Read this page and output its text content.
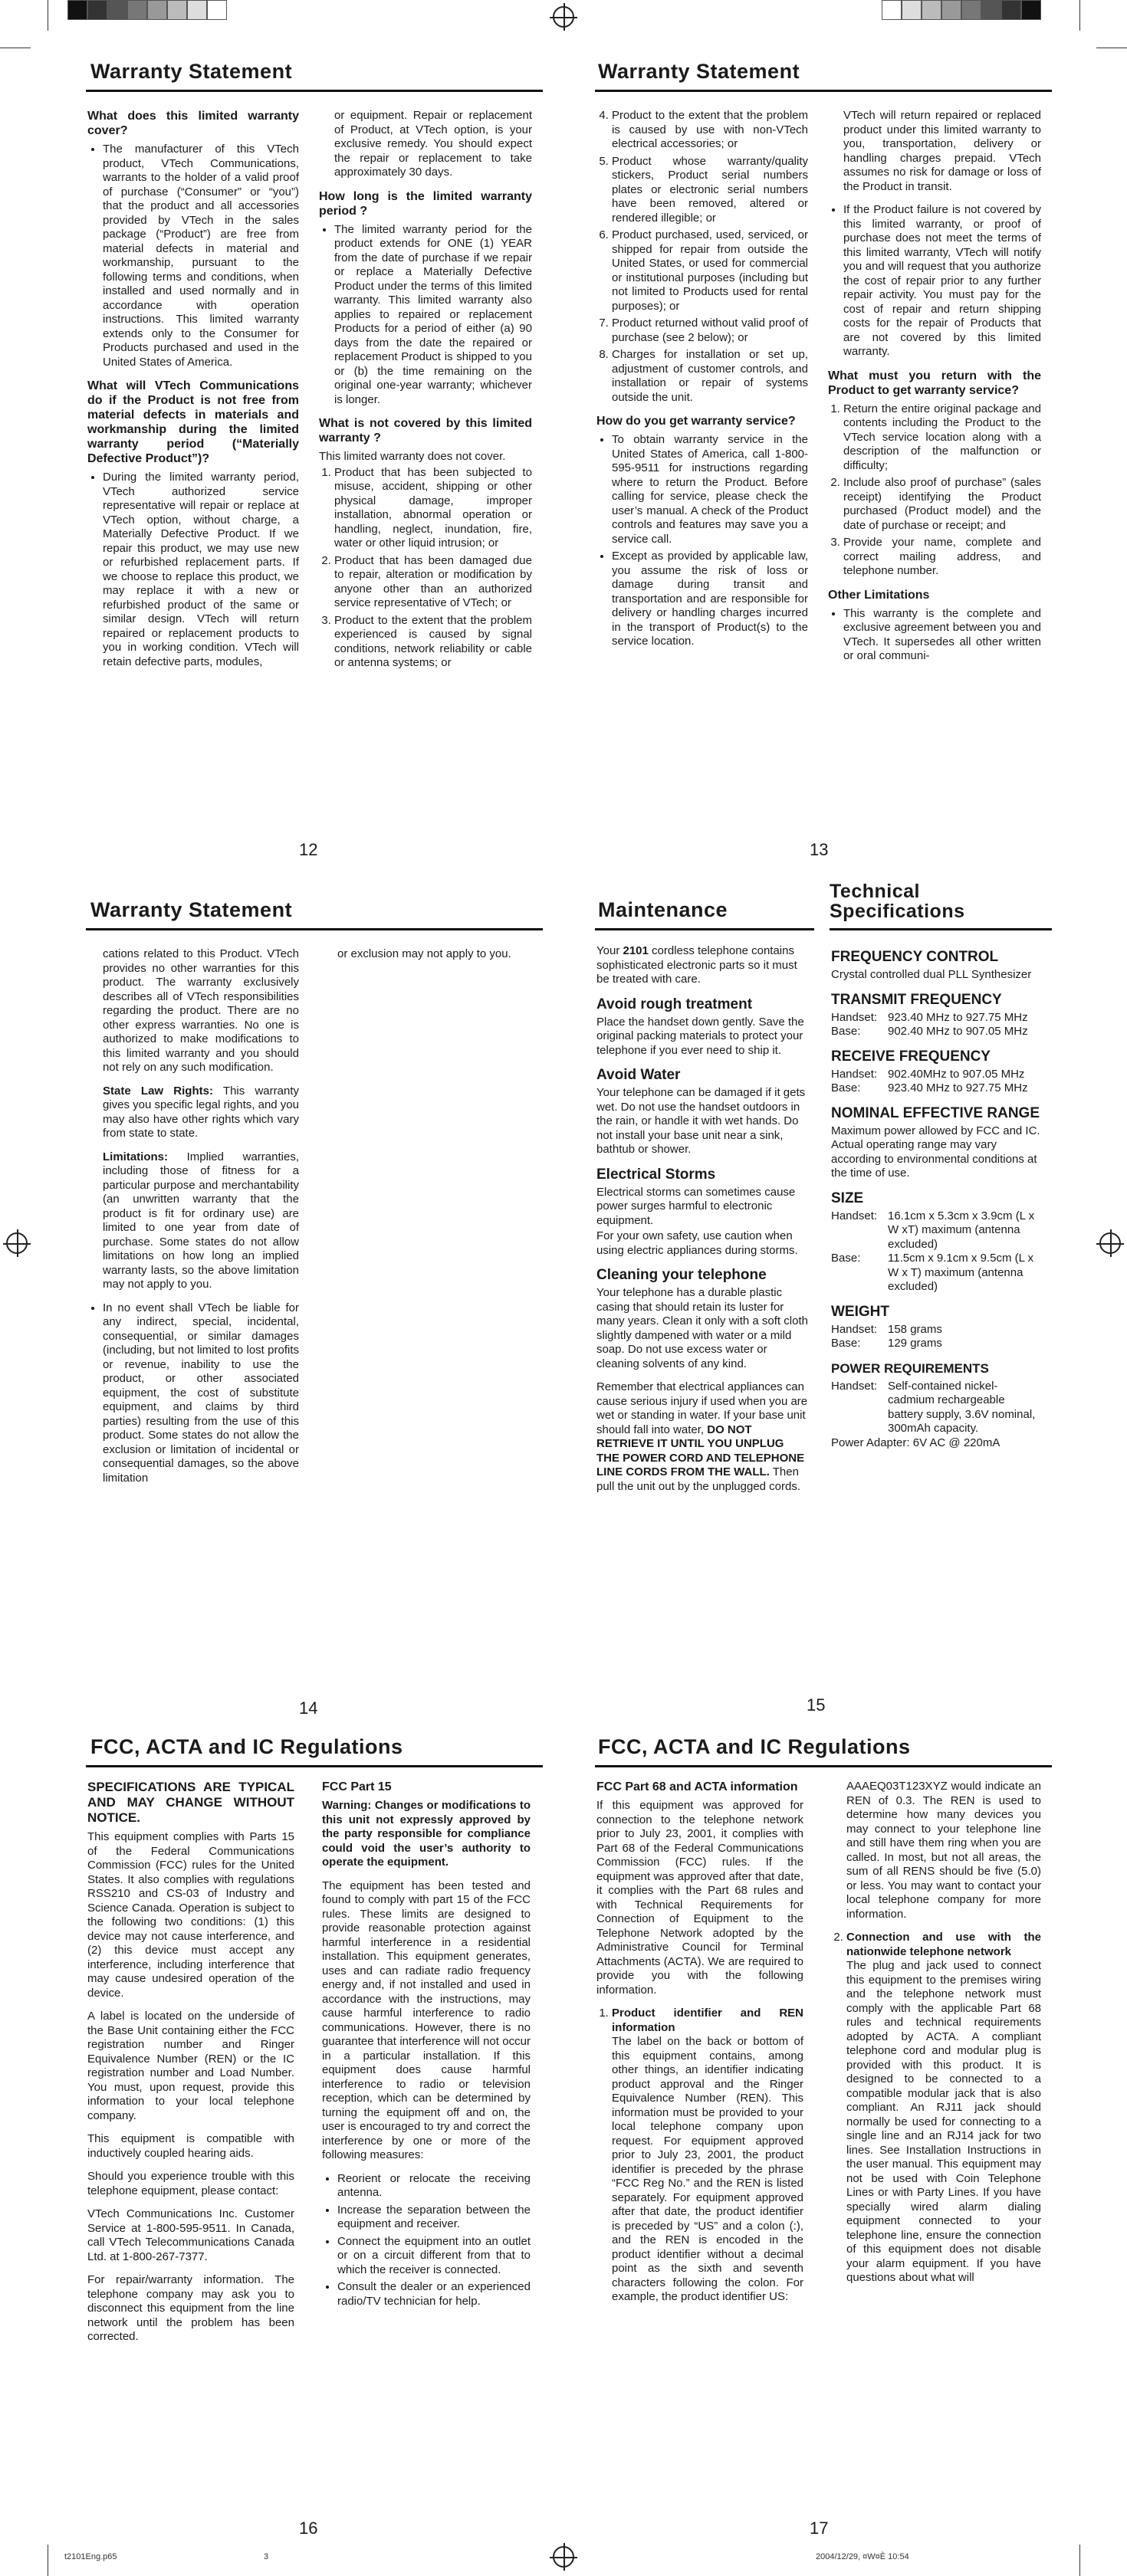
Warranty Statement
What does this limited warranty cover?
• The manufacturer of this VTech product, VTech Communications, warrants to the holder of a valid proof of purchase (“Consumer” or “you”) that the product and all accessories provided by VTech in the sales package (“Product”) are free from material defects in material and workmanship, pursuant to the following terms and conditions, when installed and used normally and in accordance with operation instructions. This limited warranty extends only to the Consumer for Products purchased and used in the United States of America.
What will VTech Communications do if the Product is not free from material defects in materials and workmanship during the limited warranty period (“Materially Defective Product”)?
• During the limited warranty period, VTech authorized service representative will repair or replace at VTech option, without charge, a Materially Defective Product. If we repair this product, we may use new or refurbished replacement parts. If we choose to replace this product, we may replace it with a new or refurbished product of the same or similar design. VTech will return repaired or replacement products to you in working condition. VTech will retain defective parts, modules,

or equipment. Repair or replacement of Product, at VTech option, is your exclusive remedy. You should expect the repair or replacement to take approximately 30 days.

How long is the limited warranty period ?
• The limited warranty period for the product extends for ONE (1) YEAR from the date of purchase if we repair or replace a Materially Defective Product under the terms of this limited warranty. This limited warranty also applies to repaired or replacement Products for a period of either (a) 90 days from the date the repaired or replacement Product is shipped to you or (b) the time remaining on the original one-year warranty; whichever is longer.
What is not covered by this limited warranty ?

This limited warranty does not cover.

1. Product that has been subjected to misuse, accident, shipping or other physical damage, improper installation, abnormal operation or handling, neglect, inundation, fire, water or other liquid intrusion; or
2. Product that has been damaged due to repair, alteration or modification by anyone other than an authorized service representative of VTech; or
3. Product to the extent that the problem experienced is caused by signal conditions, network reliability or cable or antenna systems; or
12
Warranty Statement
4. Product to the extent that the problem is caused by use with non-VTech electrical accessories; or
5. Product whose warranty/quality stickers, Product serial numbers plates or electronic serial numbers have been removed, altered or rendered illegible; or
6. Product purchased, used, serviced, or shipped for repair from outside the United States, or used for commercial or institutional purposes (including but not limited to Products used for rental purposes); or
7. Product returned without valid proof of purchase (see 2 below); or
8. Charges for installation or set up, adjustment of customer controls, and installation or repair of systems outside the unit.
How do you get warranty service?
• To obtain warranty service in the United States of America, call 1-800-595-9511 for instructions regarding where to return the Product. Before calling for service, please check the user’s manual. A check of the Product controls and features may save you a service call.
• Except as provided by applicable law, you assume the risk of loss or damage during transit and transportation and are responsible for delivery or handling charges incurred in the transport of Product(s) to the service location.

VTech will return repaired or replaced product under this limited warranty to you, transportation, delivery or handling charges prepaid. VTech assumes no risk for damage or loss of the Product in transit.

• If the Product failure is not covered by this limited warranty, or proof of purchase does not meet the terms of this limited warranty, VTech will notify you and will request that you authorize the cost of repair prior to any further repair activity. You must pay for the cost of repair and return shipping costs for the repair of Products that are not covered by this limited warranty.
What must you return with the Product to get warranty service?
1. Return the entire original package and contents including the Product to the VTech service location along with a description of the malfunction or difficulty;
2. Include also proof of purchase” (sales receipt) identifying the Product purchased (Product model) and the date of purchase or receipt; and
3. Provide your name, complete and correct mailing address, and telephone number.
Other Limitations
• This warranty is the complete and exclusive agreement between you and VTech. It supersedes all other written or oral communi-
13
Warranty Statement

cations related to this Product. VTech provides no other warranties for this product. The warranty exclusively describes all of VTech responsibilities regarding the product. There are no other express warranties. No one is authorized to make modifications to this limited warranty and you should not rely on any such modification.

State Law Rights: This warranty gives you specific legal rights, and you may also have other rights which vary from state to state.

Limitations: Implied warranties, including those of fitness for a particular purpose and merchantability (an unwritten warranty that the product is fit for ordinary use) are limited to one year from date of purchase. Some states do not allow limitations on how long an implied warranty lasts, so the above limitation may not apply to you.

• In no event shall VTech be liable for any indirect, special, incidental, consequential, or similar damages (including, but not limited to lost profits or revenue, inability to use the product, or other associated equipment, the cost of substitute equipment, and claims by third parties) resulting from the use of this product. Some states do not allow the exclusion or limitation of incidental or consequential damages, so the above limitation

or exclusion may not apply to you.

14
Maintenance
Technical Specifications

Your 2101 cordless telephone contains sophisticated electronic parts so it must be treated with care.

Avoid rough treatment

Place the handset down gently. Save the original packing materials to protect your telephone if you ever need to ship it.

Avoid Water

Your telephone can be damaged if it gets wet. Do not use the handset outdoors in the rain, or handle it with wet hands. Do not install your base unit near a sink, bathtub or shower.

Electrical Storms

Electrical storms can sometimes cause power surges harmful to electronic equipment.

For your own safety, use caution when using electric appliances during storms.

Cleaning your telephone

Your telephone has a durable plastic casing that should retain its luster for many years. Clean it only with a soft cloth slightly dampened with water or a mild soap. Do not use excess water or cleaning solvents of any kind.

Remember that electrical appliances can cause serious injury if used when you are wet or standing in water. If your base unit should fall into water, DO NOT RETRIEVE IT UNTIL YOU UNPLUG THE POWER CORD AND TELEPHONE LINE CORDS FROM THE WALL. Then pull the unit out by the unplugged cords.

FREQUENCY CONTROL

Crystal controlled dual PLL Synthesizer

TRANSMIT FREQUENCY
Handset: 923.40 MHz to 927.75 MHz
Base:	902.40 MHz to 907.05 MHz
RECEIVE FREQUENCY
Handset: 902.40MHz to 907.05 MHz
Base:	923.40 MHz to 927.75 MHz
NOMINAL EFFECTIVE RANGE

Maximum power allowed by FCC and IC. Actual operating range may vary according to environmental conditions at the time of use.

SIZE
Handset: 16.1cm x 5.3cm x 3.9cm (L x W xT) maximum (antenna excluded)
Base:	11.5cm x 9.1cm x 9.5cm (L x W x T) maximum (antenna excluded)
WEIGHT
Handset: 158 grams
Base:	129 grams
POWER REQUIREMENTS
Handset: Self-contained nickel-cadmium rechargeable battery supply, 3.6V nominal, 300mAh capacity.

Power Adapter: 6V AC @ 220mA

15
FCC, ACTA and IC Regulations
SPECIFICATIONS ARE TYPICAL AND MAY CHANGE WITHOUT NOTICE.

This equipment complies with Parts 15 of the Federal Communications Commission (FCC) rules for the United States. It also complies with regulations RSS210 and CS-03 of Industry and Science Canada. Operation is subject to the following two conditions: (1) this device may not cause interference, and (2) this device must accept any interference, including interference that may cause undesired operation of the device.

A label is located on the underside of the Base Unit containing either the FCC registration number and Ringer Equivalence Number (REN) or the IC registration number and Load Number. You must, upon request, provide this information to your local telephone company.

This equipment is compatible with inductively coupled hearing aids.

Should you experience trouble with this telephone equipment, please contact:

VTech Communications Inc. Customer Service at 1-800-595-9511. In Canada, call VTech Telecommunications Canada Ltd. at 1-800-267-7377.

For repair/warranty information. The telephone company may ask you to disconnect this equipment from the line network until the problem has been corrected.

FCC Part 15

Warning: Changes or modifications to this unit not expressly approved by the party responsible for compliance could void the user’s authority to operate the equipment.

The equipment has been tested and found to comply with part 15 of the FCC rules. These limits are designed to provide reasonable protection against harmful interference in a residential installation. This equipment generates, uses and can radiate radio frequency energy and, if not installed and used in accordance with the instructions, may cause harmful interference to radio communications. However, there is no guarantee that interference will not occur in a particular installation. If this equipment does cause harmful interference to radio or television reception, which can be determined by turning the equipment off and on, the user is encouraged to try and correct the interference by one or more of the following measures:

• Reorient or relocate the receiving antenna.
• Increase the separation between the equipment and receiver.
• Connect the equipment into an outlet or on a circuit different from that to which the receiver is connected.
• Consult the dealer or an experienced radio/TV technician for help.
16
FCC, ACTA and IC Regulations
FCC Part 68 and ACTA information

If this equipment was approved for connection to the telephone network prior to July 23, 2001, it complies with Part 68 of the Federal Communications Commission (FCC) rules. If the equipment was approved after that date, it complies with the Part 68 rules and with Technical Requirements for Connection of Equipment to the Telephone Network adopted by the Administrative Council for Terminal Attachments (ACTA). We are required to provide you with the following information.

1. Product identifier and REN information
The label on the back or bottom of this equipment contains, among other things, an identifier indicating product approval and the Ringer Equivalence Number (REN). This information must be provided to your local telephone company upon request. For equipment approved prior to July 23, 2001, the product identifier is preceded by the phrase “FCC Reg No.” and the REN is listed separately. For equipment approved after that date, the product identifier is preceded by “US” and a colon (:), and the REN is encoded in the product identifier without a decimal point as the sixth and seventh characters following the colon. For example, the product identifier US:

AAAEQ03T123XYZ would indicate an REN of 0.3. The REN is used to determine how many devices you may connect to your telephone line and still have them ring when you are called. In most, but not all areas, the sum of all RENS should be five (5.0) or less. You may want to contact your local telephone company for more information.

2. Connection and use with the nationwide telephone network
The plug and jack used to connect this equipment to the premises wiring and the telephone network must comply with the applicable Part 68 rules and technical requirements adopted by ACTA. A compliant telephone cord and modular plug is provided with this product. It is designed to be connected to a compatible modular jack that is also compliant. An RJ11 jack should normally be used for connecting to a single line and an RJ14 jack for two lines. See Installation Instructions in the user manual. This equipment may not be used with Coin Telephone Lines or with Party Lines. If you have specially wired alarm dialing equipment connected to your telephone line, ensure the connection of this equipment does not disable your alarm equipment. If you have questions about what will
17
t2101Eng.p65	3	2004/12/29, ¤W¤È 10:54
